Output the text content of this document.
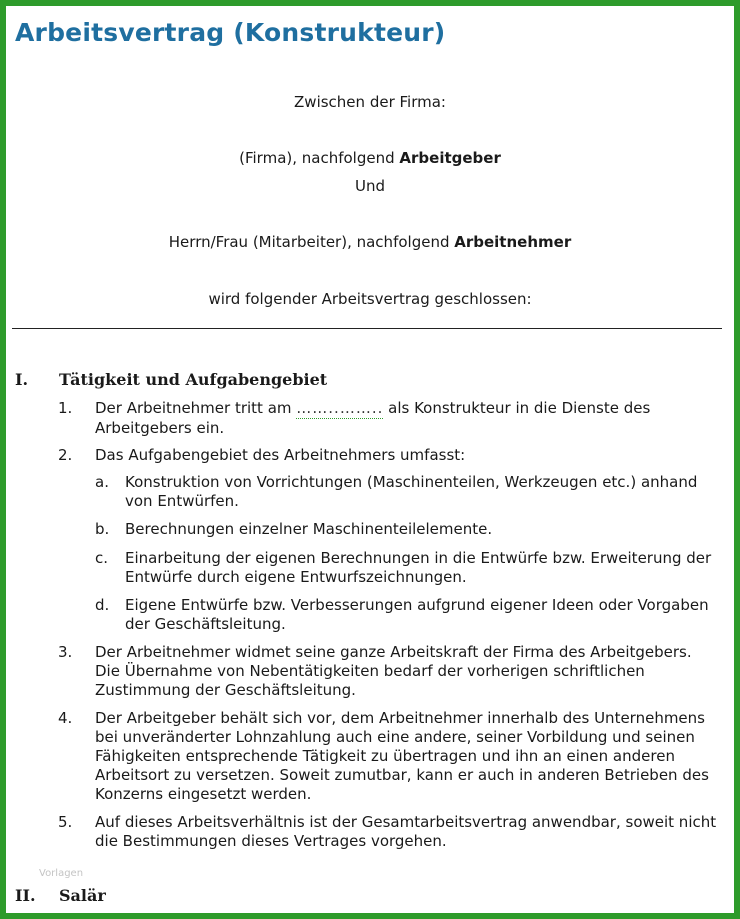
Arbeitsvertrag (Konstrukteur)
Zwischen der Firma:
(Firma), nachfolgend Arbeitgeber
Und
Herrn/Frau (Mitarbeiter), nachfolgend Arbeitnehmer
wird folgender Arbeitsvertrag geschlossen:
I. Tätigkeit und Aufgabengebiet
1. Der Arbeitnehmer tritt am ……..…….. als Konstrukteur in die Dienste des Arbeitgebers ein.
2. Das Aufgabengebiet des Arbeitnehmers umfasst:
a. Konstruktion von Vorrichtungen (Maschinenteilen, Werkzeugen etc.) anhand von Entwürfen.
b. Berechnungen einzelner Maschinenteilelemente.
c. Einarbeitung der eigenen Berechnungen in die Entwürfe bzw. Erweiterung der Entwürfe durch eigene Entwurfszeichnungen.
d. Eigene Entwürfe bzw. Verbesserungen aufgrund eigener Ideen oder Vorgaben der Geschäftsleitung.
3. Der Arbeitnehmer widmet seine ganze Arbeitskraft der Firma des Arbeitgebers. Die Übernahme von Nebentätigkeiten bedarf der vorherigen schriftlichen Zustimmung der Geschäftsleitung.
4. Der Arbeitgeber behält sich vor, dem Arbeitnehmer innerhalb des Unternehmens bei unveränderter Lohnzahlung auch eine andere, seiner Vorbildung und seinen Fähigkeiten entsprechende Tätigkeit zu übertragen und ihn an einen anderen Arbeitsort zu versetzen. Soweit zumutbar, kann er auch in anderen Betrieben des Konzerns eingesetzt werden.
5. Auf dieses Arbeitsverhältnis ist der Gesamtarbeitsvertrag anwendbar, soweit nicht die Bestimmungen dieses Vertrages vorgehen.
Vorlagen
II. Salär
